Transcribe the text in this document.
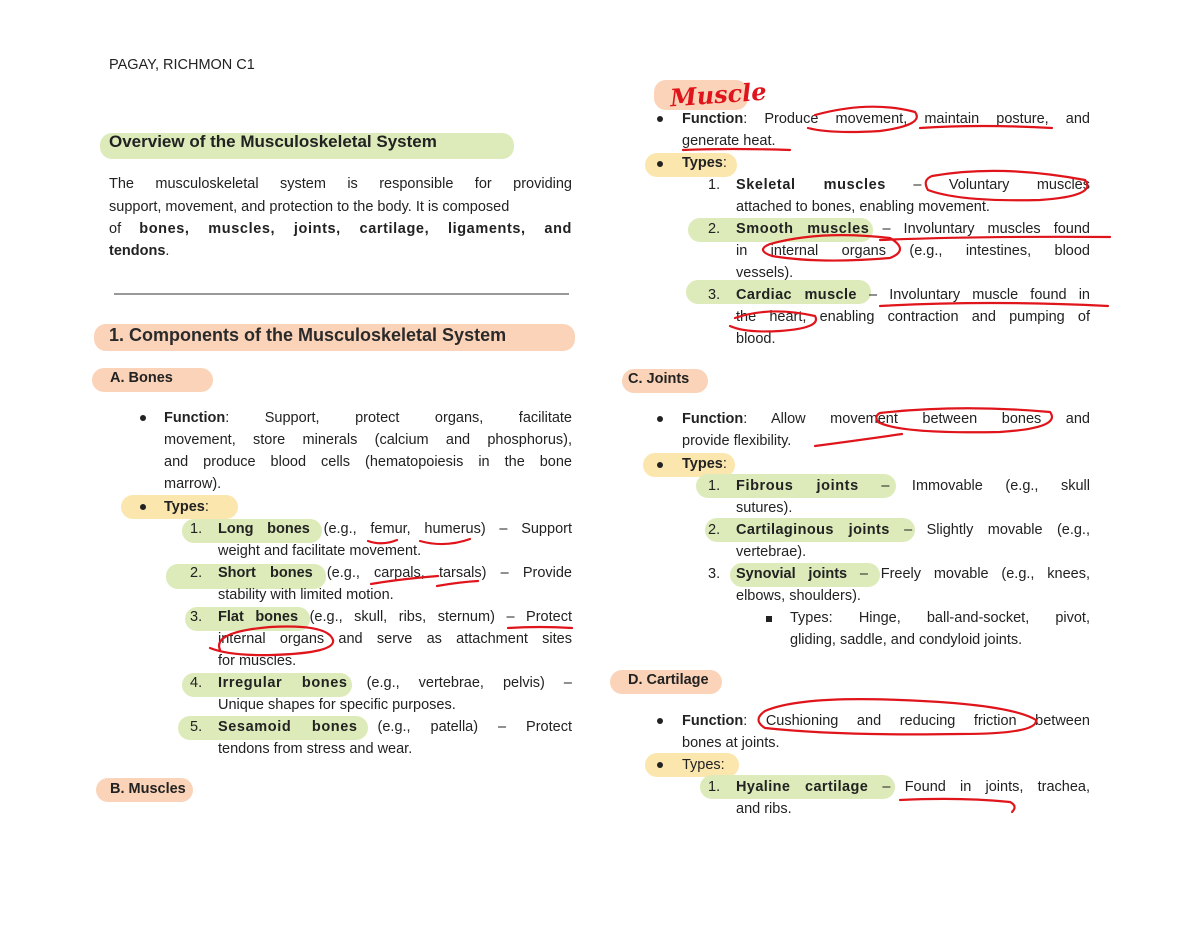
PAGAY, RICHMON C1
Overview of the Musculoskeletal System
The musculoskeletal system is responsible for providing
support, movement, and protection to the body. It is composed
of bones, muscles, joints, cartilage, ligaments, and
tendons.
1. Components of the Musculoskeletal System
A. Bones
Function: Support, protect organs, facilitate
movement, store minerals (calcium and phosphorus),
and produce blood cells (hematopoiesis in the bone
marrow).
Types:
1. Long bones (e.g., femur, humerus) – Support
weight and facilitate movement.
2. Short bones (e.g., carpals, tarsals) – Provide
stability with limited motion.
3. Flat bones (e.g., skull, ribs, sternum) – Protect
internal organs and serve as attachment sites
for muscles.
4. Irregular bones (e.g., vertebrae, pelvis) –
Unique shapes for specific purposes.
5. Sesamoid bones (e.g., patella) – Protect
tendons from stress and wear.
B. Muscles
Muscle
Function: Produce movement, maintain posture, and
generate heat.
Types:
1. Skeletal muscles – Voluntary muscles
attached to bones, enabling movement.
2. Smooth muscles – Involuntary muscles found
in internal organs (e.g., intestines, blood
vessels).
3. Cardiac muscle – Involuntary muscle found in
the heart, enabling contraction and pumping of
blood.
C. Joints
Function: Allow movement between bones and
provide flexibility.
Types:
1. Fibrous joints – Immovable (e.g., skull
sutures).
2. Cartilaginous joints – Slightly movable (e.g.,
vertebrae).
3. Synovial joints – Freely movable (e.g., knees,
elbows, shoulders).
Types: Hinge, ball-and-socket, pivot,
gliding, saddle, and condyloid joints.
D. Cartilage
Function: Cushioning and reducing friction between
bones at joints.
Types:
1. Hyaline cartilage – Found in joints, trachea,
and ribs.
